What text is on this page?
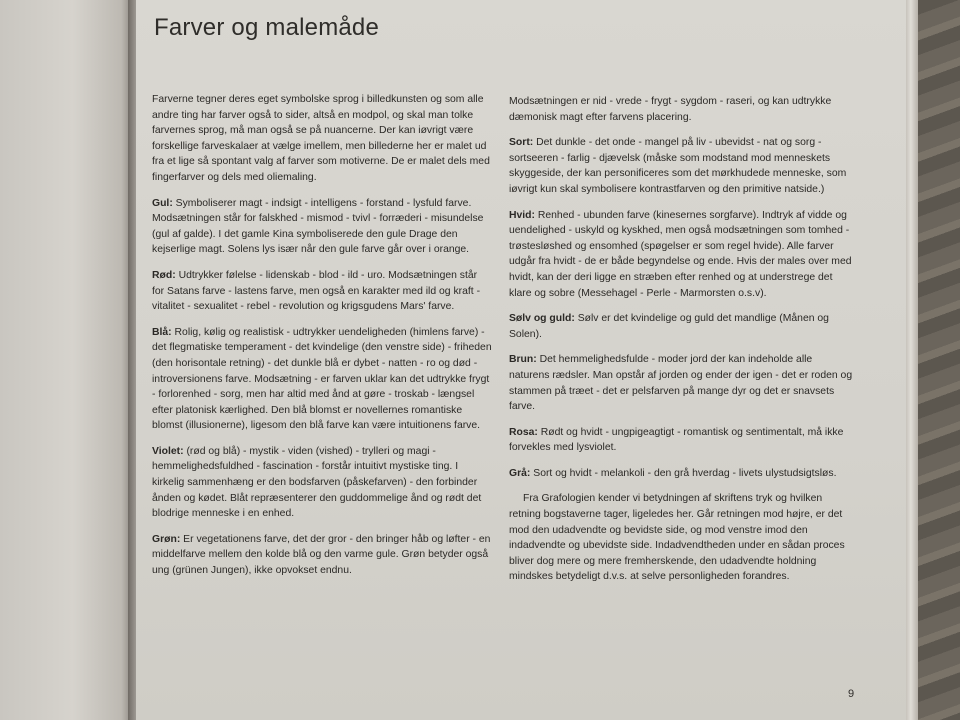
Farver og malemåde

Farverne tegner deres eget symbolske sprog i billedkunsten og som alle andre ting har farver også to sider, altså en modpol, og skal man tolke farvernes sprog, må man også se på nuancerne. Der kan iøvrigt være forskellige farveskalaer at vælge imellem, men billederne her er malet ud fra et lige så spontant valg af farver som motiverne. De er malet dels med fingerfarver og dels med oliemaling.

Gul: Symboliserer magt - indsigt - intelligens - forstand - lysfuld farve. Modsætningen står for falskhed - mismod - tvivl - forræderi - misundelse (gul af galde). I det gamle Kina symboliserede den gule Drage den kejserlige magt. Solens lys især når den gule farve går over i orange.

Rød: Udtrykker følelse - lidenskab - blod - ild - uro. Modsætningen står for Satans farve - lastens farve, men også en karakter med ild og kraft - vitalitet - sexualitet - rebel - revolution og krigsgudens Mars' farve.

Blå: Rolig, kølig og realistisk - udtrykker uendeligheden (himlens farve) - det flegmatiske temperament - det kvindelige (den venstre side) - friheden (den horisontale retning) - det dunkle blå er dybet - natten - ro og død - introversionens farve. Modsætning - er farven uklar kan det udtrykke frygt - forlorenhed - sorg, men har altid med ånd at gøre - troskab - længsel efter platonisk kærlighed. Den blå blomst er novellernes romantiske blomst (illusionerne), ligesom den blå farve kan være intuitionens farve.

Violet: (rød og blå) - mystik - viden (vished) - trylleri og magi - hemmelighedsfuldhed - fascination - forstår intuitivt mystiske ting. I kirkelig sammenhæng er den bodsfarven (påskefarven) - den forbinder ånden og kødet. Blåt repræsenterer den guddommelige ånd og rødt det blodrige menneske i en enhed.

Grøn: Er vegetationens farve, det der gror - den bringer håb og løfter - en middelfarve mellem den kolde blå og den varme gule. Grøn betyder også ung (grünen Jungen), ikke opvokset endnu.

Modsætningen er nid - vrede - frygt - sygdom - raseri, og kan udtrykke dæmonisk magt efter farvens placering.

Sort: Det dunkle - det onde - mangel på liv - ubevidst - nat og sorg - sortseeren - farlig - djævelsk (måske som modstand mod menneskets skyggeside, der kan personificeres som det mørkhudede menneske, som iøvrigt kun skal symbolisere kontrastfarven og den primitive natside.)

Hvid: Renhed - ubunden farve (kinesernes sorgfarve). Indtryk af vidde og uendelighed - uskyld og kyskhed, men også modsætningen som tomhed - trøstesløshed og ensomhed (spøgelser er som regel hvide). Alle farver udgår fra hvidt - de er både begyndelse og ende. Hvis der males over med hvidt, kan der deri ligge en stræben efter renhed og at understrege det klare og sobre (Messehagel - Perle - Marmorsten o.s.v).

Sølv og guld: Sølv er det kvindelige og guld det mandlige (Månen og Solen).

Brun: Det hemmelighedsfulde - moder jord der kan indeholde alle naturens rædsler. Man opstår af jorden og ender der igen - det er roden og stammen på træet - det er pelsfarven på mange dyr og det er snavsets farve.

Rosa: Rødt og hvidt - ungpigeagtigt - romantisk og sentimentalt, må ikke forvekles med lysviolet.

Grå: Sort og hvidt - melankoli - den grå hverdag - livets ulystudsigtsløs.

Fra Grafologien kender vi betydningen af skriftens tryk og hvilken retning bogstaverne tager, ligeledes her. Går retningen mod højre, er det mod den udadvendte og bevidste side, og mod venstre imod den indadvendte og ubevidste side. Indadvendtheden under en sådan proces bliver dog mere og mere fremherskende, den udadvendte holdning mindskes betydeligt d.v.s. at selve personligheden forandres.

9
